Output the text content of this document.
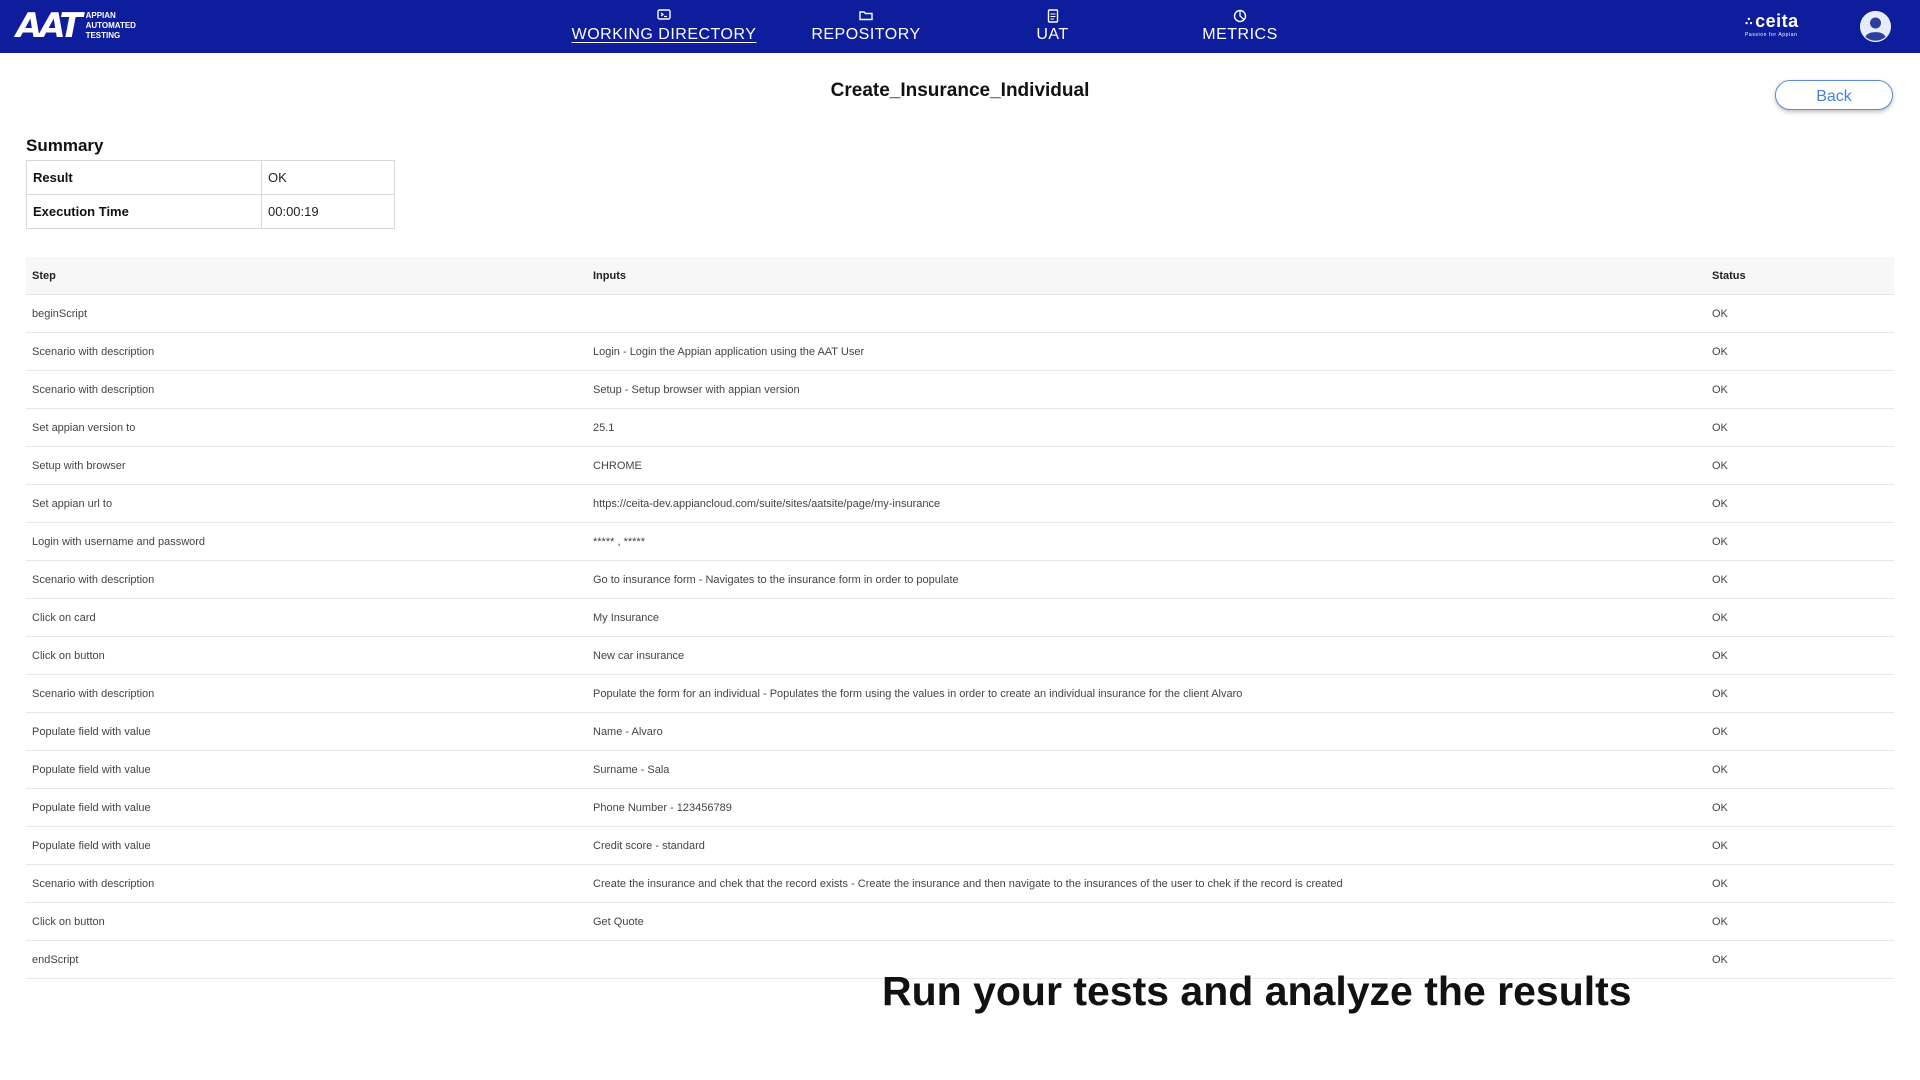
AAT APPIAN
AUTOMATED
TESTING	WORKING DIRECTORY	REPOSITORY	UAT	METRICS
∴ ceita
Passion for Appian
Create_Insurance_Individual	Back
Summary
Result	OK
Execution Time	00:00:19
Step	Inputs	Status
beginScript		OK
Scenario with description	Login - Login the Appian application using the AAT User	OK
Scenario with description	Setup - Setup browser with appian version	OK
Set appian version to	25.1	OK
Setup with browser	CHROME	OK
Set appian url to	https://ceita-dev.appiancloud.com/suite/sites/aatsite/page/my-insurance	OK
Login with username and password	***** , *****	OK
Scenario with description	Go to insurance form - Navigates to the insurance form in order to populate	OK
Click on card	My Insurance	OK
Click on button	New car insurance	OK
Scenario with description	Populate the form for an individual - Populates the form using the values in order to create an individual insurance for the client Alvaro	OK
Populate field with value	Name - Alvaro	OK
Populate field with value	Surname - Sala	OK
Populate field with value	Phone Number - 123456789	OK
Populate field with value	Credit score - standard	OK
Scenario with description	Create the insurance and chek that the record exists - Create the insurance and then navigate to the insurances of the user to chek if the record is created	OK
Click on button	Get Quote	OK
endScript		OK
Run your tests and analyze the results
